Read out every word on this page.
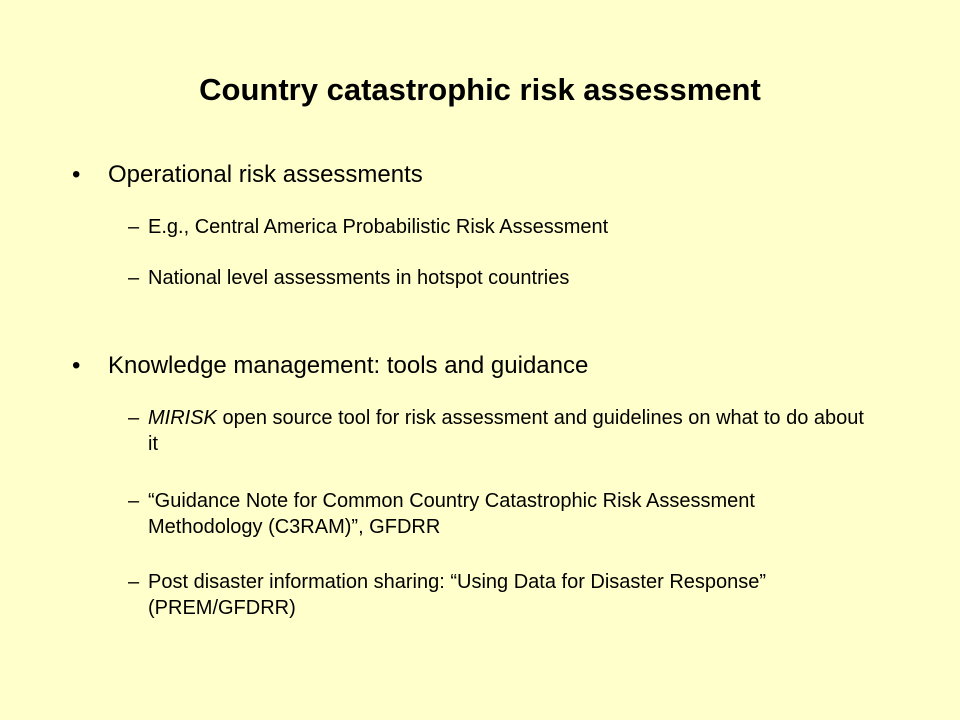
Country catastrophic risk assessment
•	Operational risk assessments
– E.g., Central America Probabilistic Risk Assessment
– National level assessments in hotspot countries
•	Knowledge management: tools and guidance
– MIRISK open source tool for risk assessment and guidelines on what to do about it
– “Guidance Note for Common Country Catastrophic Risk Assessment Methodology (C3RAM)”, GFDRR
– Post disaster information sharing: “Using Data for Disaster Response” (PREM/GFDRR)
